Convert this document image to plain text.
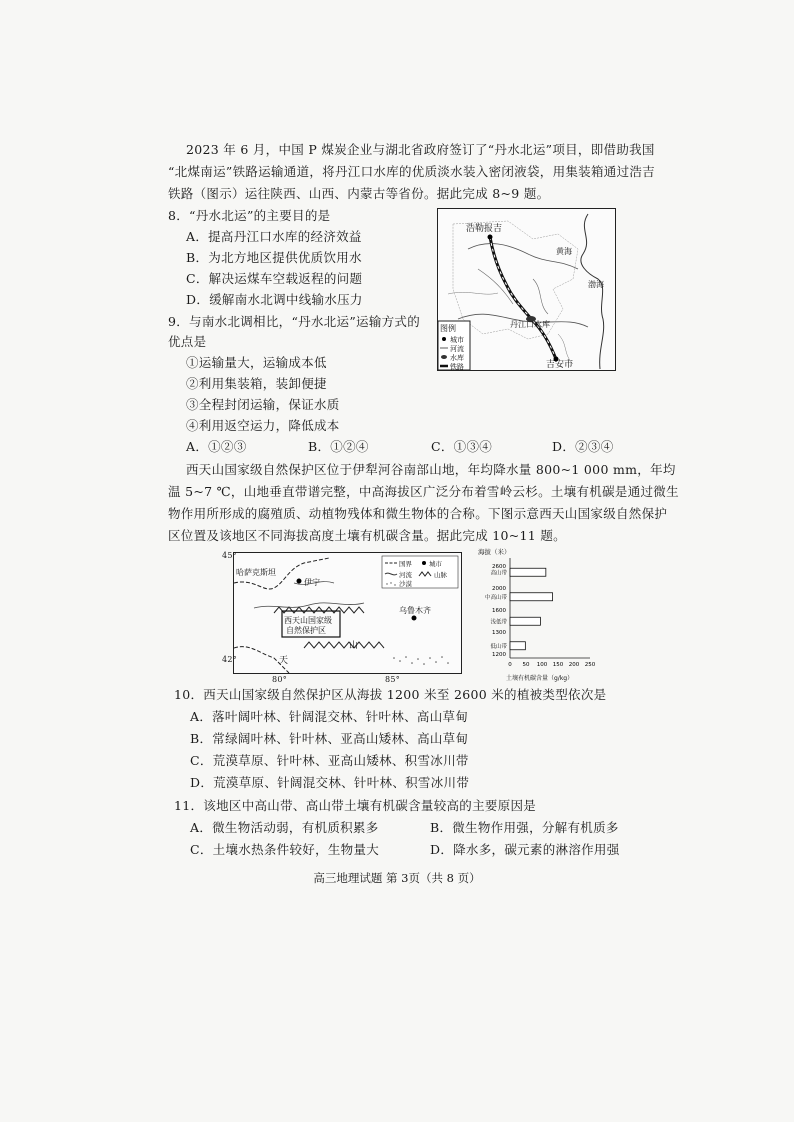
2023 年 6 月，中国 P 煤炭企业与湖北省政府签订了“丹水北运”项目，即借助我国
“北煤南运”铁路运输通道，将丹江口水库的优质淡水装入密闭液袋，用集装箱通过浩吉
铁路（图示）运往陕西、山西、内蒙古等省份。据此完成 8~9 题。
8．“丹水北运”的主要目的是
A．提高丹江口水库的经济效益
B．为北方地区提供优质饮用水
C．解决运煤车空载返程的问题
D．缓解南水北调中线输水压力
9．与南水北调相比，“丹水北运”运输方式的
优点是
①运输量大，运输成本低
②利用集装箱，装卸便捷
③全程封闭运输，保证水质
④利用返空运力，降低成本
A．①②③	B．①②④	C．①③④	D．②③④
浩勒报吉
丹江口水库
吉安市
渤海
黄海
图例
城市
河流
水库
铁路
西天山国家级自然保护区位于伊犁河谷南部山地，年均降水量 800~1 000 mm，年均
温 5~7 ℃，山地垂直带谱完整，中高海拔区广泛分布着雪岭云杉。土壤有机碳是通过微生
物作用所形成的腐殖质、动植物残体和微生物体的合称。下图示意西天山国家级自然保护
区位置及该地区不同海拔高度土壤有机碳含量。据此完成 10~11 题。
哈萨克斯坦
伊宁
西天山国家级
自然保护区
乌鲁木齐
天
山
国界	城市
河流	山脉
沙漠
45°
42°
80°	85°
海拔（米）
2600
2000
1600
1300
1200
高山带
中高山带
浅低带
低山带
0 50 100 150 200 250
土壤有机碳含量（g/kg）
10．西天山国家级自然保护区从海拔 1200 米至 2600 米的植被类型依次是
A．落叶阔叶林、针阔混交林、针叶林、高山草甸
B．常绿阔叶林、针叶林、亚高山矮林、高山草甸
C．荒漠草原、针叶林、亚高山矮林、积雪冰川带
D．荒漠草原、针阔混交林、针叶林、积雪冰川带
11．该地区中高山带、高山带土壤有机碳含量较高的主要原因是
A．微生物活动弱，有机质积累多	B．微生物作用强，分解有机质多
C．土壤水热条件较好，生物量大	D．降水多，碳元素的淋溶作用强
高三地理试题 第 3页（共 8 页）
